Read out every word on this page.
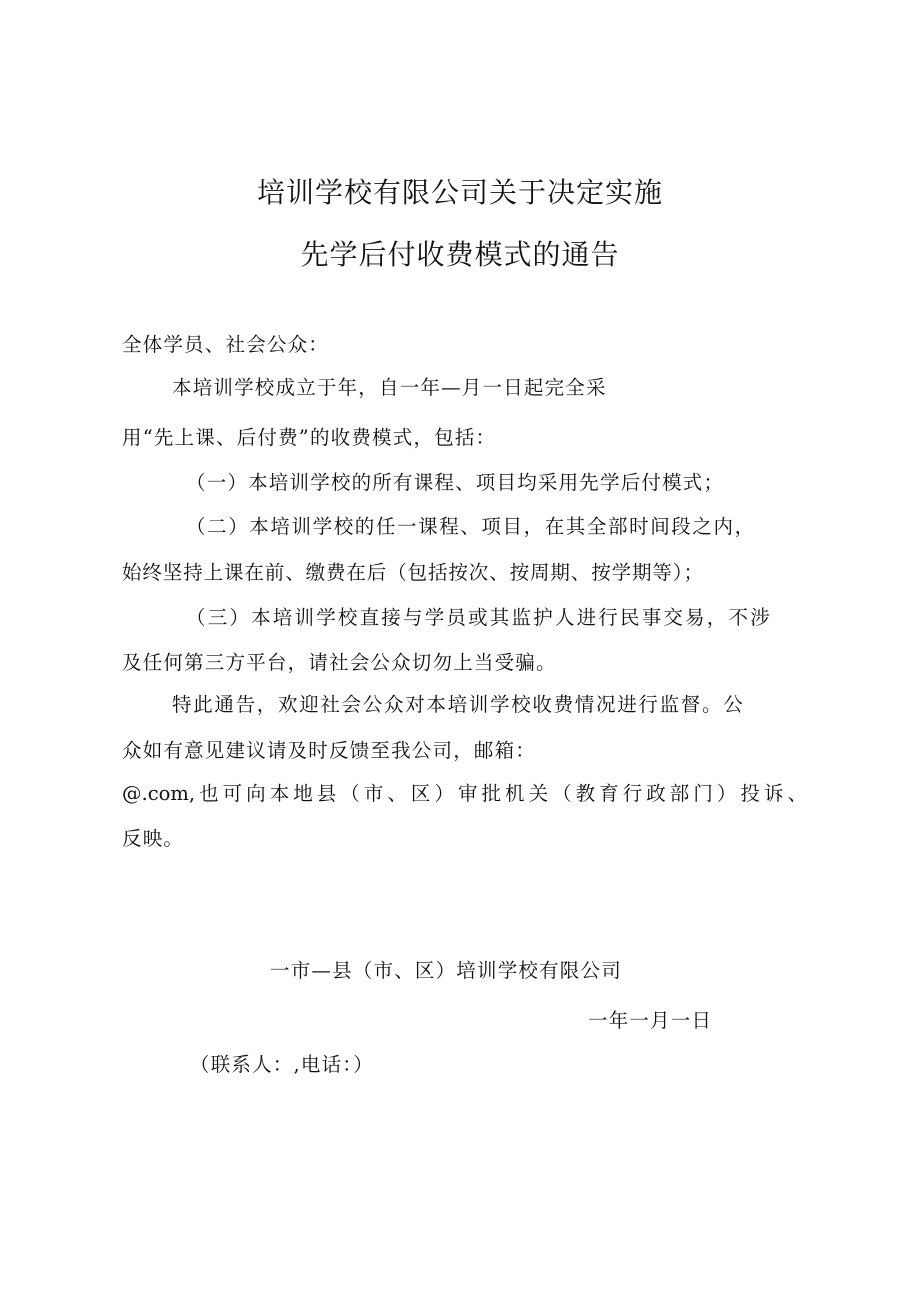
培训学校有限公司关于决定实施
先学后付收费模式的通告
全体学员、社会公众：
本培训学校成立于年，自一年—月一日起完全采
用“先上课、后付费”的收费模式，包括：
（一）本培训学校的所有课程、项目均采用先学后付模式；
（二）本培训学校的任一课程、项目，在其全部时间段之内，
始终坚持上课在前、缴费在后（包括按次、按周期、按学期等）；
（三）本培训学校直接与学员或其监护人进行民事交易，不涉
及任何第三方平台，请社会公众切勿上当受骗。
特此通告，欢迎社会公众对本培训学校收费情况进行监督。公
众如有意见建议请及时反馈至我公司，邮箱：
@.com,也可向本地县（市、区）审批机关（教育行政部门）投诉、
反映。
一市—县（市、区）培训学校有限公司
一年一月一日
（联系人：,电话：）
